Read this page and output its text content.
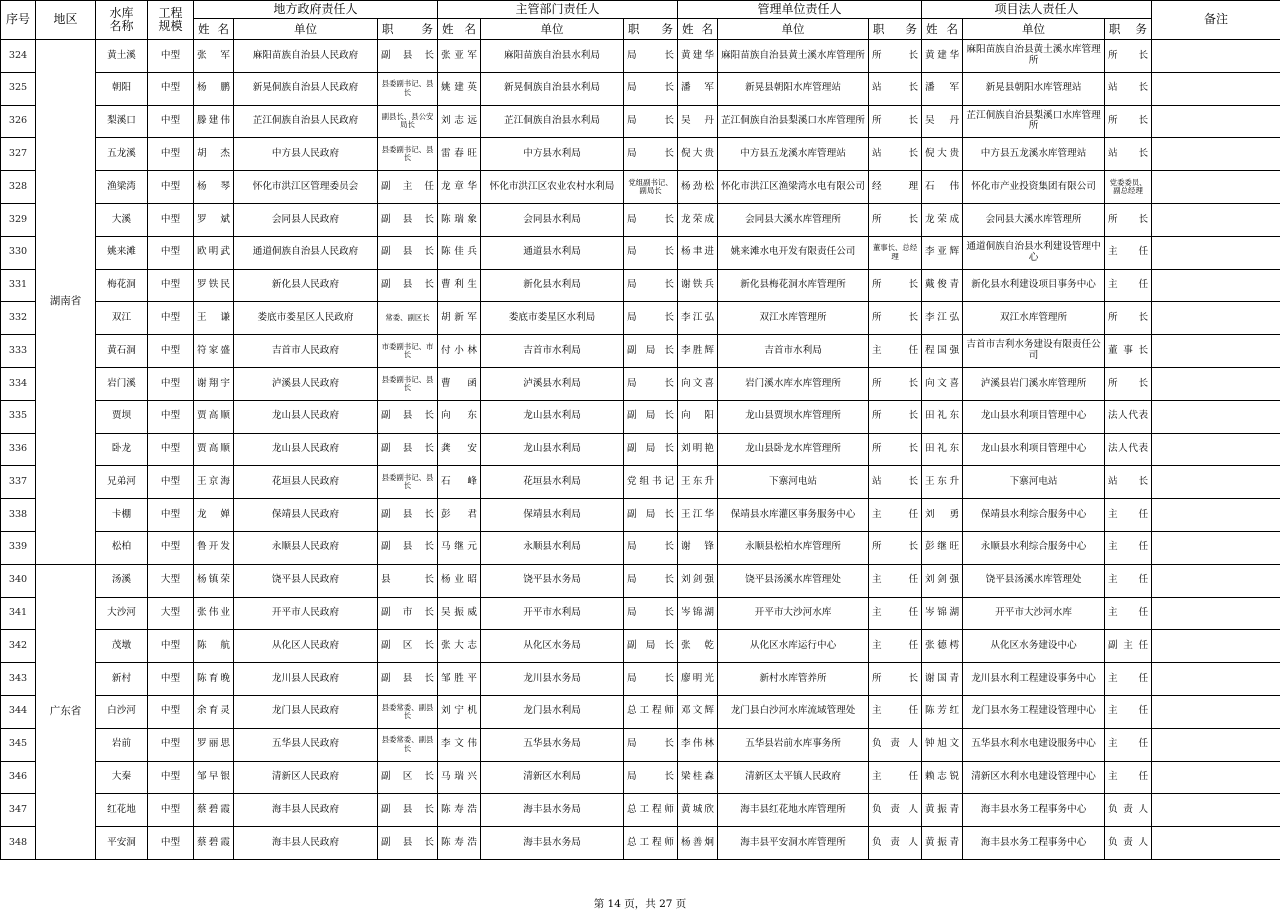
序号	地区	水库名称	工程规模	地方政府责任人			主管部门责任人			管理单位责任人			项目法人责任人			备注
				姓 名	单位	职 务	姓 名	单位	职 务	姓 名	单位	职 务	姓 名	单位	职 务	
324	湖南省	黄土溪	中型	张　军	麻阳苗族自治县人民政府	副县长	张亚军	麻阳苗族自治县水利局	局长	黄建华	麻阳苗族自治县黄土溪水库管理所	所长	黄建华	麻阳苗族自治县黄土溪水库管理所	所长	
325		朝阳	中型	杨　鹏	新晃侗族自治县人民政府	县委副书记、县长	姚建英	新晃侗族自治县水利局	局长	潘　军	新晃县朝阳水库管理站	站长	潘　军	新晃县朝阳水库管理站	站长	
326		梨溪口	中型	滕建伟	芷江侗族自治县人民政府	副县长、县公安局长	刘志远	芷江侗族自治县水利局	局长	吴　丹	芷江侗族自治县梨溪口水库管理所	所长	吴　丹	芷江侗族自治县梨溪口水库管理所	所长	
327		五龙溪	中型	胡　杰	中方县人民政府	县委副书记、县长	雷春旺	中方县水利局	局长	倪大贵	中方县五龙溪水库管理站	站长	倪大贵	中方县五龙溪水库管理站	站长	
328		渔梁湾	中型	杨　琴	怀化市洪江区管理委员会	副主任	龙章华	怀化市洪江区农业农村水利局	党组副书记、副局长	杨劲松	怀化市洪江区渔梁湾水电有限公司	经理	石　伟	怀化市产业投资集团有限公司	党委委员、副总经理	
329		大溪	中型	罗　斌	会同县人民政府	副县长	陈瑞象	会同县水利局	局长	龙荣成	会同县大溪水库管理所	所长	龙荣成	会同县大溪水库管理所	所长	
330		姚来滩	中型	欧明武	通道侗族自治县人民政府	副县长	陈佳兵	通道县水利局	局长	杨聿进	姚来滩水电开发有限责任公司	董事长、总经理	李亚辉	通道侗族自治县水利建设管理中心	主任	
331		梅花洞	中型	罗铁民	新化县人民政府	副县长	曹利生	新化县水利局	局长	谢铁兵	新化县梅花洞水库管理所	所长	戴俊青	新化县水利建设项目事务中心	主任	
332		双江	中型	王　谦	娄底市娄星区人民政府	常委、副区长	胡新军	娄底市娄星区水利局	局长	李江弘	双江水库管理所	所长	李江弘	双江水库管理所	所长	
333		黄石洞	中型	符家盛	吉首市人民政府	市委副书记、市长	付小林	吉首市水利局	副局长	李胜辉	吉首市水利局	主任	程国强	吉首市吉利水务建设有限责任公司	董事长	
334		岩门溪	中型	谢翔宇	泸溪县人民政府	县委副书记、县长	曹　函	泸溪县水利局	局长	向文喜	岩门溪水库水库管理所	所长	向文喜	泸溪县岩门溪水库管理所	所长	
335		贾坝	中型	贾高顺	龙山县人民政府	副县长	向　东	龙山县水利局	副局长	向　阳	龙山县贾坝水库管理所	所长	田礼东	龙山县水利项目管理中心	法人代表	
336		卧龙	中型	贾高顺	龙山县人民政府	副县长	龚　安	龙山县水利局	副局长	刘明艳	龙山县卧龙水库管理所	所长	田礼东	龙山县水利项目管理中心	法人代表	
337		兄弟河	中型	王京海	花垣县人民政府	县委副书记、县长	石　峰	花垣县水利局	党组书记	王东升	下寨河电站	站长	王东升	下寨河电站	站长	
338		卡棚	中型	龙　婵	保靖县人民政府	副县长	彭　君	保靖县水利局	副局长	王江华	保靖县水库灌区事务服务中心	主任	刘　勇	保靖县水利综合服务中心	主任	
339		松柏	中型	鲁开发	永顺县人民政府	副县长	马继元	永顺县水利局	局长	谢　锋	永顺县松柏水库管理所	所长	彭继旺	永顺县水利综合服务中心	主任	
340	广东省	汤溪	大型	杨镇荣	饶平县人民政府	县长	杨业昭	饶平县水务局	局长	刘剑强	饶平县汤溪水库管理处	主任	刘剑强	饶平县汤溪水库管理处	主任	
341		大沙河	大型	张伟业	开平市人民政府	副市长	吴振威	开平市水利局	局长	岑锦湖	开平市大沙河水库	主任	岑锦湖	开平市大沙河水库	主任	
342		茂墩	中型	陈　航	从化区人民政府	副区长	张大志	从化区水务局	副局长	张　乾	从化区水库运行中心	主任	张德樗	从化区水务建设中心	副主任	
343		新村	中型	陈育晚	龙川县人民政府	副县长	邹胜平	龙川县水务局	局长	廖明光	新村水库管养所	所长	谢国青	龙川县水利工程建设事务中心	主任	
344		白沙河	中型	余育灵	龙门县人民政府	县委常委、副县长	刘宁机	龙门县水利局	总工程师	邓文辉	龙门县白沙河水库流域管理处	主任	陈芳红	龙门县水务工程建设管理中心	主任	
345		岩前	中型	罗丽思	五华县人民政府	县委常委、副县长	李文伟	五华县水务局	局长	李伟林	五华县岩前水库事务所	负责人	钟旭文	五华县水利水电建设服务中心	主任	
346		大秦	中型	邹早银	清新区人民政府	副区长	马瑞兴	清新区水利局	局长	梁桂森	清新区太平镇人民政府	主任	赖志锐	清新区水利水电建设管理中心	主任	
347		红花地	中型	蔡碧霞	海丰县人民政府	副县长	陈寿浩	海丰县水务局	总工程师	黄城欣	海丰县红花地水库管理所	负责人	黄振青	海丰县水务工程事务中心	负责人	
348		平安洞	中型	蔡碧霞	海丰县人民政府	副县长	陈寿浩	海丰县水务局	总工程师	杨善炯	海丰县平安洞水库管理所	负责人	黄振青	海丰县水务工程事务中心	负责人	
第 14 页，共 27 页
